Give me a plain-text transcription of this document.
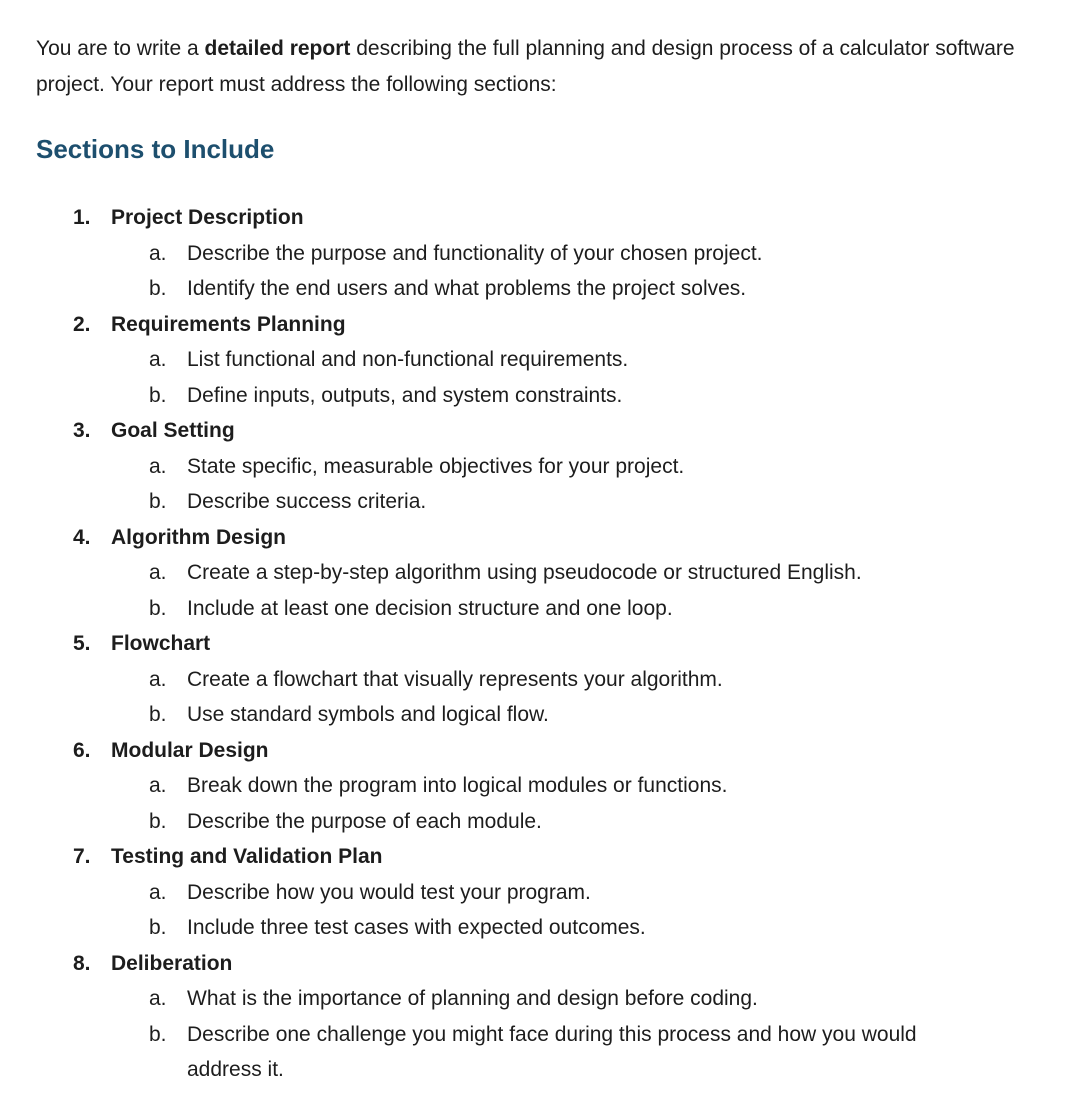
You are to write a detailed report describing the full planning and design process of a calculator software project. Your report must address the following sections:

Sections to Include
1. Project Description
a. Describe the purpose and functionality of your chosen project.
b. Identify the end users and what problems the project solves.
2. Requirements Planning
a. List functional and non-functional requirements.
b. Define inputs, outputs, and system constraints.
3. Goal Setting
a. State specific, measurable objectives for your project.
b. Describe success criteria.
4. Algorithm Design
a. Create a step-by-step algorithm using pseudocode or structured English.
b. Include at least one decision structure and one loop.
5. Flowchart
a. Create a flowchart that visually represents your algorithm.
b. Use standard symbols and logical flow.
6. Modular Design
a. Break down the program into logical modules or functions.
b. Describe the purpose of each module.
7. Testing and Validation Plan
a. Describe how you would test your program.
b. Include three test cases with expected outcomes.
8. Deliberation
a. What is the importance of planning and design before coding.
b. Describe one challenge you might face during this process and how you would address it.
